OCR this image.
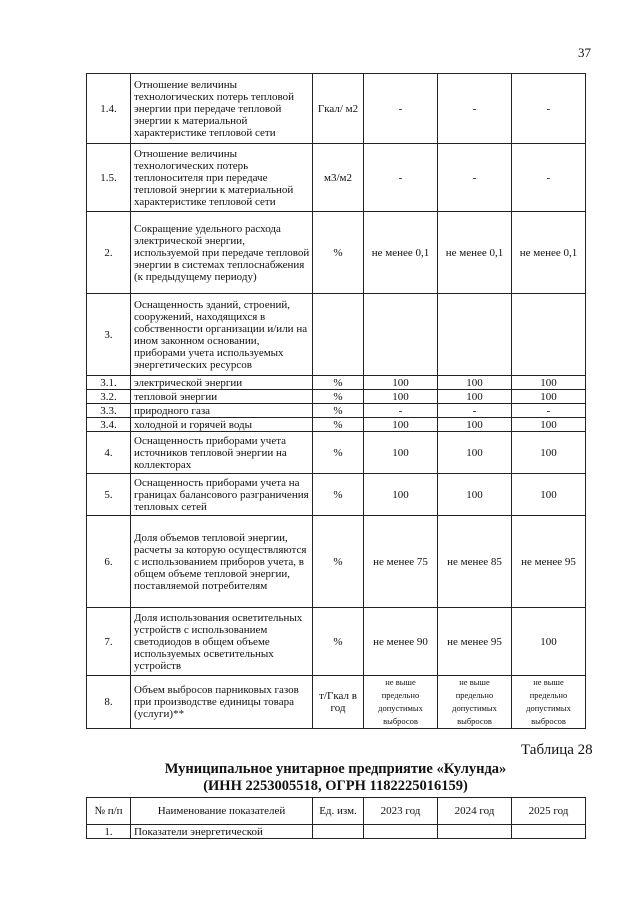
37
1.4.	Отношение величины технологических потерь тепловой энергии при передаче тепловой энергии к материальной характеристике тепловой сети	Гкал/ м2	-	-	-
1.5.	Отношение величины технологических потерь теплоносителя при передаче тепловой энергии к материальной характеристике тепловой сети	м3/м2	-	-	-
2.	Сокращение удельного расхода электрической энергии, используемой при передаче тепловой энергии в системах теплоснабжения (к предыдущему периоду)	%	не менее 0,1	не менее 0,1	не менее 0,1
3.	Оснащенность зданий, строений, сооружений, находящихся в собственности организации и/или на ином законном основании, приборами учета используемых энергетических ресурсов				
3.1.	электрической энергии	%	100	100	100
3.2.	тепловой энергии	%	100	100	100
3.3.	природного газа	%	-	-	-
3.4.	холодной и горячей воды	%	100	100	100
4.	Оснащенность приборами учета источников тепловой энергии на коллекторах	%	100	100	100
5.	Оснащенность приборами учета на границах балансового разграничения тепловых сетей	%	100	100	100
6.	Доля объемов тепловой энергии, расчеты за которую осуществляются с использованием приборов учета, в общем объеме тепловой энергии, поставляемой потребителям	%	не менее 75	не менее 85	не менее 95
7.	Доля использования осветительных устройств с использованием светодиодов в общем объеме используемых осветительных устройств	%	не менее 90	не менее 95	100
8.	Объем выбросов парниковых газов при производстве единицы товара (услуги)**	т/Гкал в год	не выше предельно допустимых выбросов	не выше предельно допустимых выбросов	не выше предельно допустимых выбросов
Таблица 28
Муниципальное унитарное предприятие «Кулунда»
(ИНН 2253005518, ОГРН 1182225016159)
№ п/п	Наименование показателей	Ед. изм.	2023 год	2024 год	2025 год
1.	Показатели энергетической				
